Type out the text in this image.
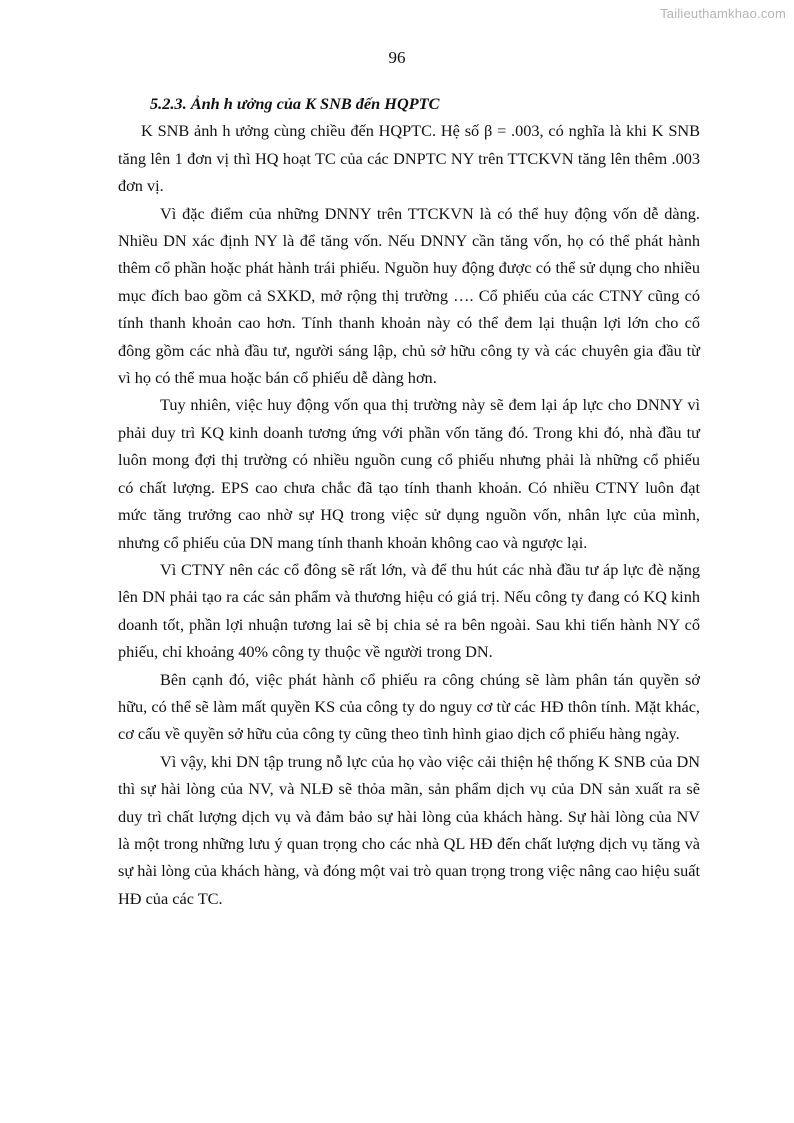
Tailieuthamkhao.com
96

5.2.3. Ảnh h ưởng của K SNB đến HQPTC

K SNB ảnh h ưởng cùng chiều đến HQPTC. Hệ số β = .003, có nghĩa là khi K SNB tăng lên 1 đơn vị thì HQ hoạt TC của các DNPTC NY trên TTCKVN tăng lên thêm .003 đơn vị.

Vì đặc điểm của những DNNY trên TTCKVN là có thể huy động vốn dễ dàng. Nhiều DN xác định NY là để tăng vốn. Nếu DNNY cần tăng vốn, họ có thể phát hành thêm cổ phần hoặc phát hành trái phiếu. Nguồn huy động được có thể sử dụng cho nhiều mục đích bao gồm cả SXKD, mở rộng thị trường …. Cổ phiếu của các CTNY cũng có tính thanh khoản cao hơn. Tính thanh khoản này có thể đem lại thuận lợi lớn cho cổ đông gồm các nhà đầu tư, người sáng lập, chủ sở hữu công ty và các chuyên gia đầu từ vì họ có thể mua hoặc bán cổ phiếu dễ dàng hơn.

Tuy nhiên, việc huy động vốn qua thị trường này sẽ đem lại áp lực cho DNNY vì phải duy trì KQ kinh doanh tương ứng với phần vốn tăng đó. Trong khi đó, nhà đầu tư luôn mong đợi thị trường có nhiều nguồn cung cổ phiếu nhưng phải là những cổ phiếu có chất lượng. EPS cao chưa chắc đã tạo tính thanh khoản. Có nhiều CTNY luôn đạt mức tăng trưởng cao nhờ sự HQ trong việc sử dụng nguồn vốn, nhân lực của mình, nhưng cổ phiếu của DN mang tính thanh khoản không cao và ngược lại.

Vì CTNY nên các cổ đông sẽ rất lớn, và để thu hút các nhà đầu tư áp lực đè nặng lên DN phải tạo ra các sản phẩm và thương hiệu có giá trị. Nếu công ty đang có KQ kinh doanh tốt, phần lợi nhuận tương lai sẽ bị chia sẻ ra bên ngoài. Sau khi tiến hành NY cổ phiếu, chỉ khoảng 40% công ty thuộc về người trong DN.

Bên cạnh đó, việc phát hành cổ phiếu ra công chúng sẽ làm phân tán quyền sở hữu, có thể sẽ làm mất quyền KS của công ty do nguy cơ từ các HĐ thôn tính. Mặt khác, cơ cấu về quyền sở hữu của công ty cũng theo tình hình giao dịch cổ phiếu hàng ngày.

Vì vậy, khi DN tập trung nỗ lực của họ vào việc cải thiện hệ thống K SNB của DN thì sự hài lòng của NV, và NLĐ sẽ thỏa mãn, sản phẩm dịch vụ của DN sản xuất ra sẽ duy trì chất lượng dịch vụ và đảm bảo sự hài lòng của khách hàng. Sự hài lòng của NV là một trong những lưu ý quan trọng cho các nhà QL HĐ đến chất lượng dịch vụ tăng và sự hài lòng của khách hàng, và đóng một vai trò quan trọng trong việc nâng cao hiệu suất HĐ của các TC.
